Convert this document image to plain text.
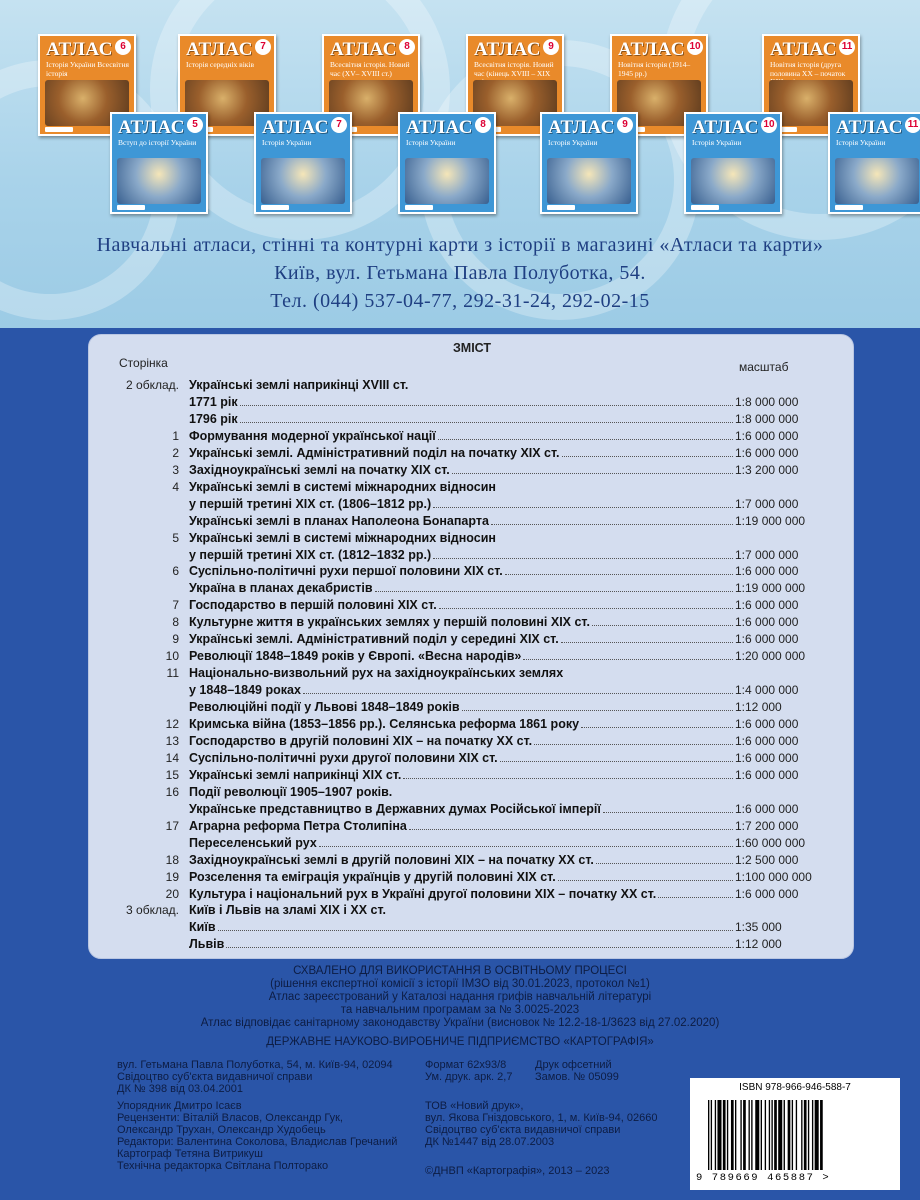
АТЛАС 6
Історія України Всесвітня історія
АТЛАС 7
Історія середніх віків
АТЛАС 8
Всесвітня історія. Новий час (ХV– ХVIII ст.)
АТЛАС 9
Всесвітня історія. Новий час (кінець ХVIII – ХIХ
АТЛАС 10
Новітня історія (1914–1945 рр.)
АТЛАС 11
Новітня історія (друга половина ХХ – початок
АТЛАС 5
Вступ до історії України
АТЛАС 7
Історія України
АТЛАС 8
Історія України
АТЛАС 9
Історія України
АТЛАС 10
Історія України
АТЛАС 11
Історія України
Навчальні атласи, стінні та контурні карти з історії в магазині «Атласи та карти»
Київ, вул. Гетьмана Павла Полуботка, 54.
Тел. (044) 537-04-77, 292-31-24, 292-02-15
ЗМІСТ
Сторінка	масштаб
2 обклад. Українські землі наприкінці XVIII ст.
1771 рік	1:8 000 000
1796 рік	1:8 000 000
1 Формування модерної української нації	1:6 000 000
2 Українські землі. Адміністративний поділ на початку XIX ст.	1:6 000 000
3 Західноукраїнські землі на початку XIX ст.	1:3 200 000
4 Українські землі в системі міжнародних відносин
у першій третині XIX ст. (1806–1812 рр.)	1:7 000 000
Українські землі в планах Наполеона Бонапарта	1:19 000 000
5 Українські землі в системі міжнародних відносин
у першій третині XIX ст. (1812–1832 рр.)	1:7 000 000
6 Суспільно-політичні рухи першої половини XIX ст.	1:6 000 000
Україна в планах декабристів	1:19 000 000
7 Господарство в першій половині XIX ст.	1:6 000 000
8 Культурне життя в українських землях у першій половині XIX ст.	1:6 000 000
9 Українські землі. Адміністративний поділ у середині XIX ст.	1:6 000 000
10 Революції 1848–1849 років у Європі. «Весна народів»	1:20 000 000
11 Національно-визвольний рух на західноукраїнських землях
у 1848–1849 роках	1:4 000 000
Революційні події у Львові 1848–1849 років	1:12 000
12 Кримська війна (1853–1856 рр.). Селянська реформа 1861 року	1:6 000 000
13 Господарство в другій половині XIX – на початку XX ст.	1:6 000 000
14 Суспільно-політичні рухи другої половини XIX ст.	1:6 000 000
15 Українські землі наприкінці XIX ст.	1:6 000 000
16 Події революції 1905–1907 років.
Українське представництво в Державних думах Російської імперії	1:6 000 000
17 Аграрна реформа Петра Столипіна	1:7 200 000
Переселенський рух	1:60 000 000
18 Західноукраїнські землі в другій половині XIX – на початку XX ст.	1:2 500 000
19 Розселення та еміграція українців у другій половині XIX ст.	1:100 000 000
20 Культура і національний рух в Україні другої половини XIX – початку XX ст.	1:6 000 000
3 обклад. Київ і Львів на зламі XIX і XX ст.
Київ	1:35 000
Львів	1:12 000
СХВАЛЕНО ДЛЯ ВИКОРИСТАННЯ В ОСВІТНЬОМУ ПРОЦЕСІ
(рішення експертної комісії з історії ІМЗО від 30.01.2023, протокол №1)
Атлас зареєстрований у Каталозі надання грифів навчальній літературі
та навчальним програмам за № 3.0025-2023
Атлас відповідає санітарному законодавству України (висновок № 12.2-18-1/3623 від 27.02.2020)
ДЕРЖАВНЕ НАУКОВО-ВИРОБНИЧЕ ПІДПРИЄМСТВО «КАРТОГРАФІЯ»
вул. Гетьмана Павла Полуботка, 54, м. Київ-94, 02094
Свідоцтво суб'єкта видавничої справи
ДК № 398 від 03.04.2001
Формат 62х93/8
Ум. друк. арк. 2,7
Друк офсетний
Замов. № 05099
Упорядник Дмитро Ісаєв
Рецензенти: Віталій Власов, Олександр Гук,
Олександр Трухан, Олександр Худобець
Редактори: Валентина Соколова, Владислав Гречаний
Картограф Тетяна Витрикуш
Технічна редакторка Світлана Полторако
ТОВ «Новий друк»,
вул. Якова Гніздовського, 1, м. Київ-94, 02660
Свідоцтво суб'єкта видавничої справи
ДК №1447 від 28.07.2003
©ДНВП «Картографія», 2013 – 2023
ISBN 978-966-946-588-7
9 789669 465887 >
